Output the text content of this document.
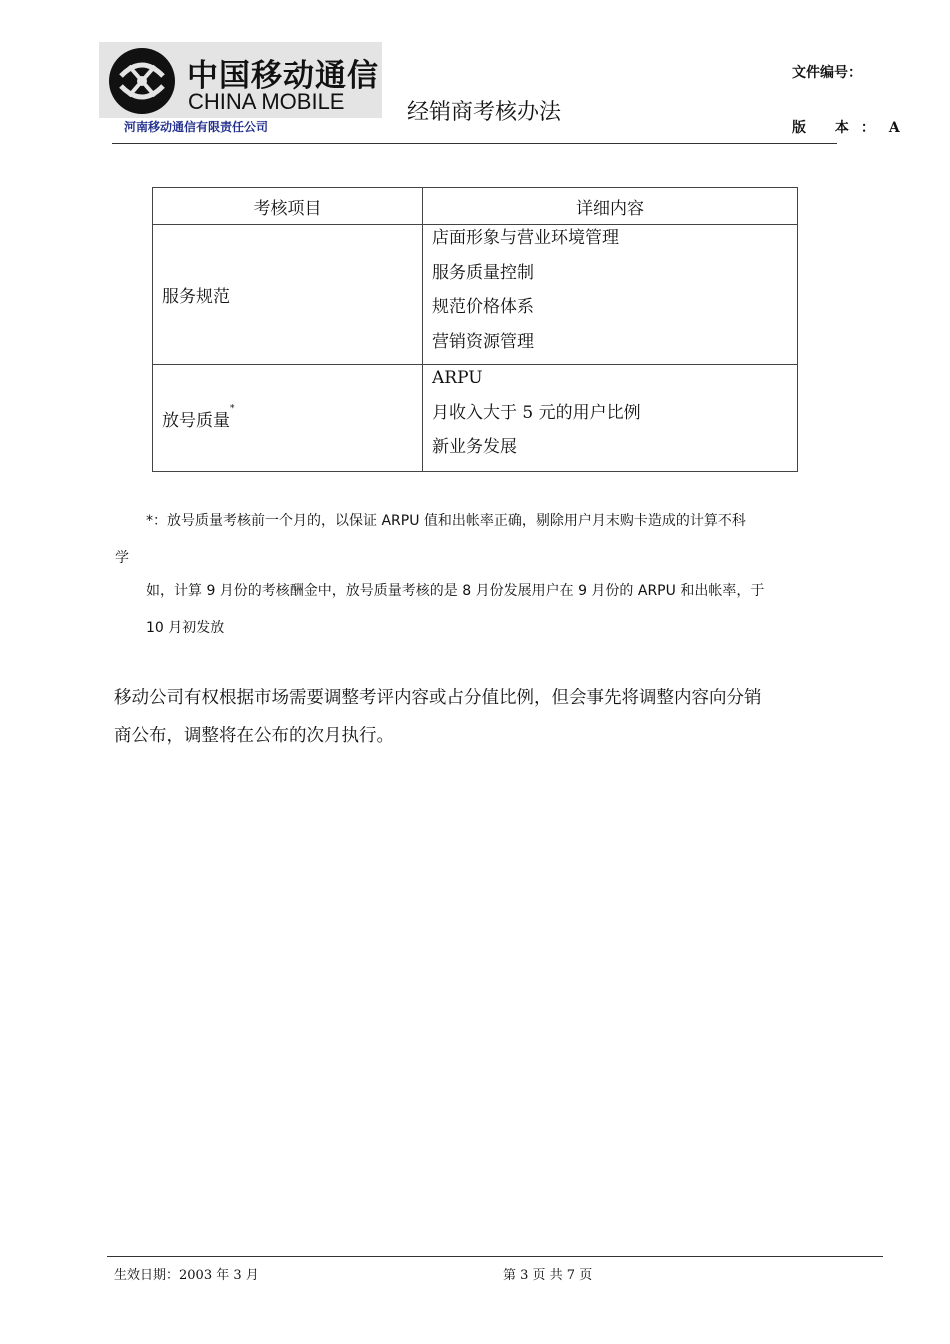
中国移动通信
CHINA MOBILE
河南移动通信有限责任公司
经销商考核办法
文件编号：
版 本： A
考核项目	详细内容
服务规范	店面形象与营业环境管理
服务质量控制
规范价格体系
营销资源管理

放号质量*	ARPU
月收入大于 5 元的用户比例
新业务发展
*：放号质量考核前一个月的，以保证 ARPU 值和出帐率正确，剔除用户月末购卡造成的计算不科
学
如，计算 9 月份的考核酬金中，放号质量考核的是 8 月份发展用户在 9 月份的 ARPU 和出帐率，于
10 月初发放
移动公司有权根据市场需要调整考评内容或占分值比例，但会事先将调整内容向分销
商公布，调整将在公布的次月执行。
生效日期：2003 年 3 月	第 3 页 共 7 页
